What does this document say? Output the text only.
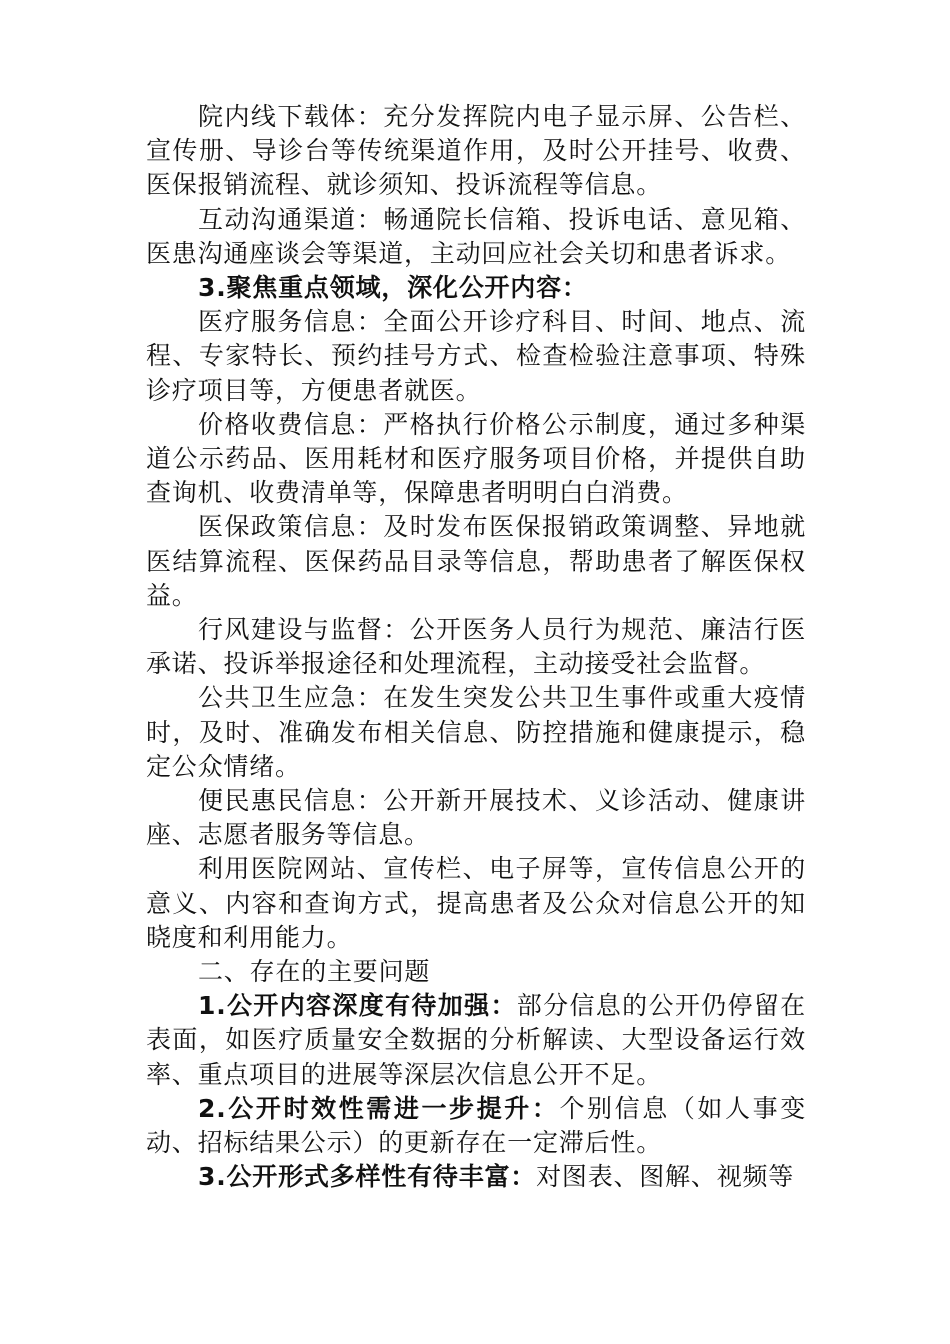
院内线下载体：充分发挥院内电子显示屏、公告栏、宣传册、导诊台等传统渠道作用，及时公开挂号、收费、医保报销流程、就诊须知、投诉流程等信息。

互动沟通渠道：畅通院长信箱、投诉电话、意见箱、医患沟通座谈会等渠道，主动回应社会关切和患者诉求。

3.聚焦重点领域，深化公开内容：

医疗服务信息：全面公开诊疗科目、时间、地点、流程、专家特长、预约挂号方式、检查检验注意事项、特殊诊疗项目等，方便患者就医。

价格收费信息：严格执行价格公示制度，通过多种渠道公示药品、医用耗材和医疗服务项目价格，并提供自助查询机、收费清单等，保障患者明明白白消费。

医保政策信息：及时发布医保报销政策调整、异地就医结算流程、医保药品目录等信息，帮助患者了解医保权益。

行风建设与监督：公开医务人员行为规范、廉洁行医承诺、投诉举报途径和处理流程，主动接受社会监督。

公共卫生应急：在发生突发公共卫生事件或重大疫情时，及时、准确发布相关信息、防控措施和健康提示，稳定公众情绪。

便民惠民信息：公开新开展技术、义诊活动、健康讲座、志愿者服务等信息。

利用医院网站、宣传栏、电子屏等，宣传信息公开的意义、内容和查询方式，提高患者及公众对信息公开的知晓度和利用能力。

二、存在的主要问题

1.公开内容深度有待加强：部分信息的公开仍停留在表面，如医疗质量安全数据的分析解读、大型设备运行效率、重点项目的进展等深层次信息公开不足。

2.公开时效性需进一步提升：个别信息（如人事变动、招标结果公示）的更新存在一定滞后性。

3.公开形式多样性有待丰富：对图表、图解、视频等
